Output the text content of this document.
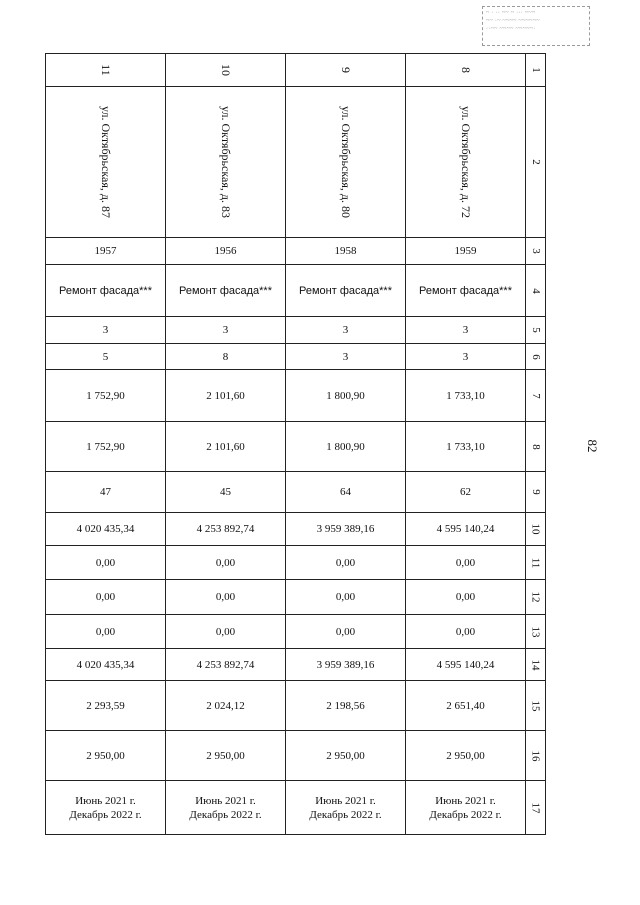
~ · ·· ~~ ~ ··· ~~~
~~ ·~ ~~~~ ~~~~~~
··~~ ~~~~ ~~~~~·
82
11	10	9	8	1

ул. Октябрьская, д. 87	ул. Октябрьская, д. 83	ул. Октябрьская, д. 80	ул. Октябрьская, д. 72	2
1957	1956	1958	1959	3
Ремонт фасада***	Ремонт фасада***	Ремонт фасада***	Ремонт фасада***	4
3	3	3	3	5
5	8	3	3	6
1 752,90	2 101,60	1 800,90	1 733,10	7
1 752,90	2 101,60	1 800,90	1 733,10	8
47	45	64	62	9
4 020 435,34	4 253 892,74	3 959 389,16	4 595 140,24	10
0,00	0,00	0,00	0,00	11
0,00	0,00	0,00	0,00	12
0,00	0,00	0,00	0,00	13
4 020 435,34	4 253 892,74	3 959 389,16	4 595 140,24	14
2 293,59	2 024,12	2 198,56	2 651,40	15
2 950,00	2 950,00	2 950,00	2 950,00	16

Июнь 2021 г.
Декабрь 2022 г.	Июнь 2021 г.
Декабрь 2022 г.	Июнь 2021 г.
Декабрь 2022 г.	Июнь 2021 г.
Декабрь 2022 г.	17
